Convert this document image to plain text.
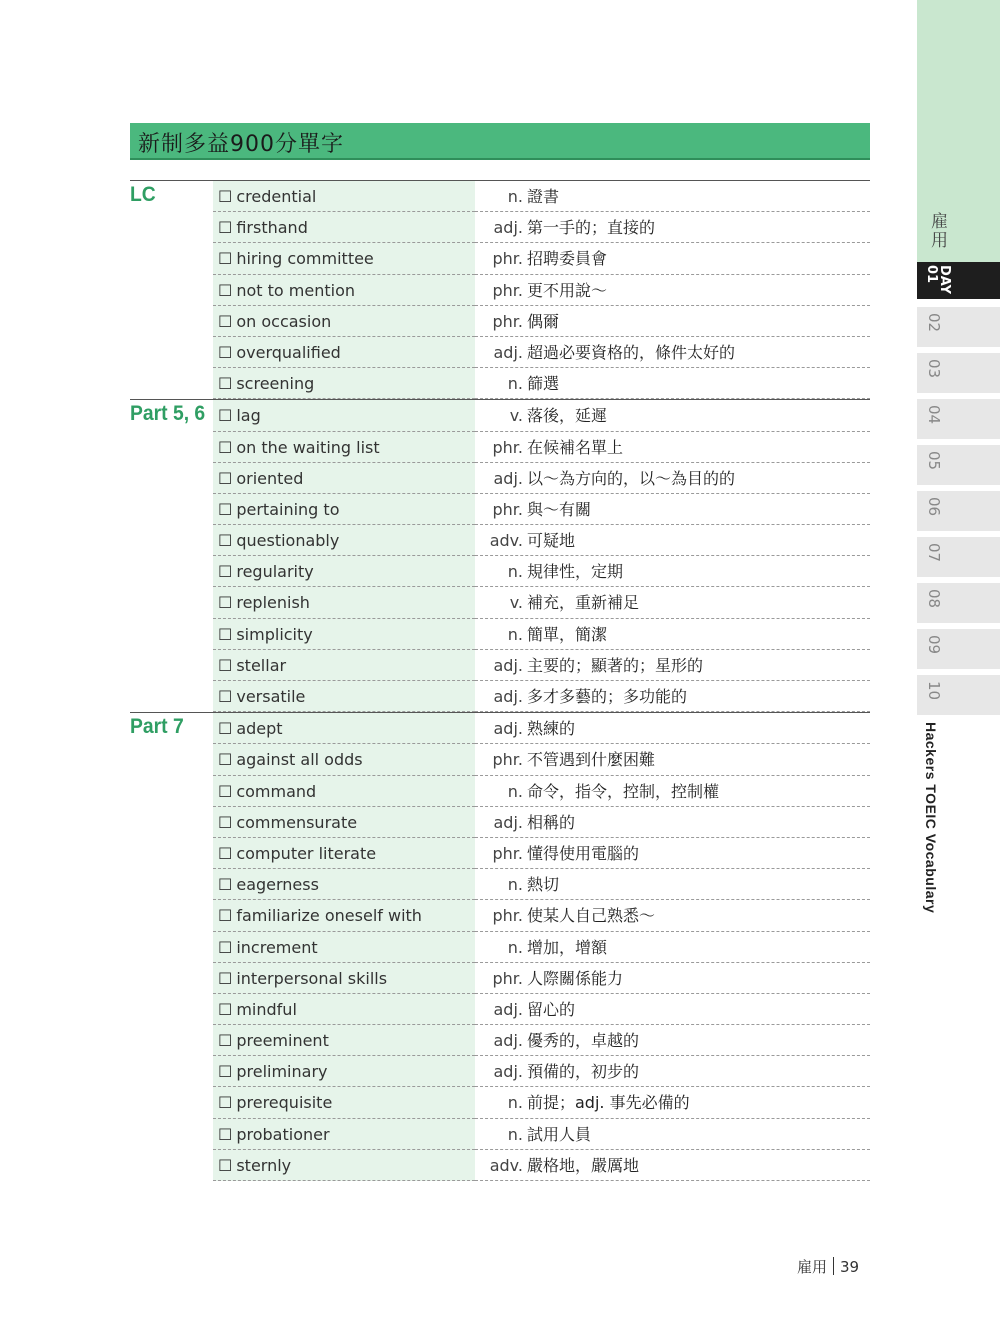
新制多益900分單字
LC	☐ credential	n. 證書
☐ firsthand	adj. 第一手的；直接的
☐ hiring committee	phr. 招聘委員會
☐ not to mention	phr. 更不用說～
☐ on occasion	phr. 偶爾
☐ overqualified	adj. 超過必要資格的，條件太好的
☐ screening	n. 篩選
Part 5, 6 ☐ lag	v. 落後，延遲
☐ on the waiting list	phr. 在候補名單上
☐ oriented	adj. 以～為方向的，以～為目的的
☐ pertaining to	phr. 與～有關
☐ questionably	adv. 可疑地
☐ regularity	n. 規律性，定期
☐ replenish	v. 補充，重新補足
☐ simplicity	n. 簡單，簡潔
☐ stellar	adj. 主要的；顯著的；星形的
☐ versatile	adj. 多才多藝的；多功能的
Part 7	☐ adept	adj. 熟練的
☐ against all odds	phr. 不管遇到什麼困難
☐ command	n. 命令，指令，控制，控制權
☐ commensurate	adj. 相稱的
☐ computer literate	phr. 懂得使用電腦的
☐ eagerness	n. 熱切
☐ familiarize oneself with	phr. 使某人自己熟悉～
☐ increment	n. 增加，增額
☐ interpersonal skills	phr. 人際關係能力
☐ mindful	adj. 留心的
☐ preeminent	adj. 優秀的，卓越的
☐ preliminary	adj. 預備的，初步的
☐ prerequisite	n. 前提；adj. 事先必備的
☐ probationer	n. 試用人員
☐ sternly	adv. 嚴格地，嚴厲地
雇用
DAY 01
02
03
04
05
06
07
08
09
10
Hackers TOEIC Vocabulary
雇用 39
